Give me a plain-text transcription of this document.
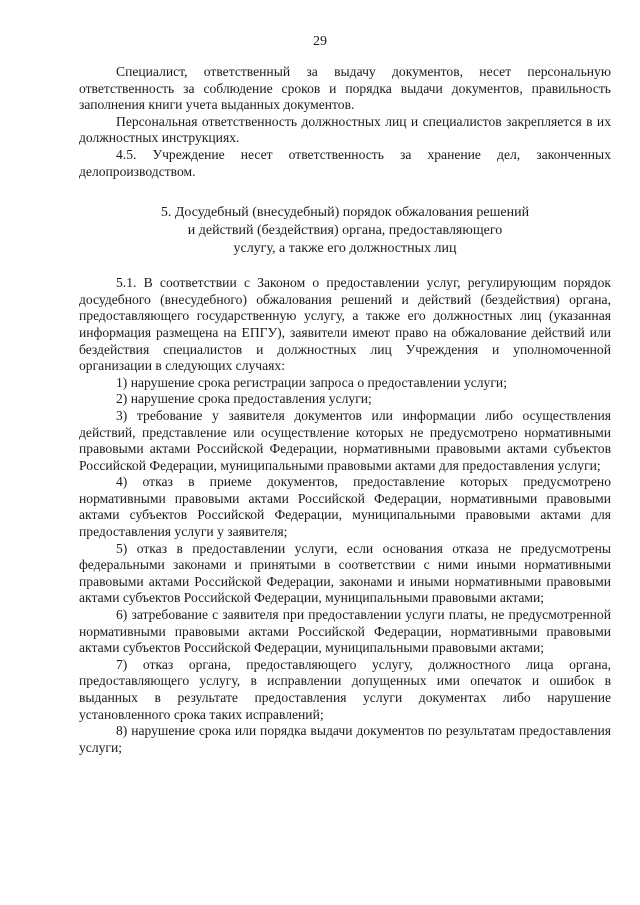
29

Специалист, ответственный за выдачу документов, несет персональную ответственность за соблюдение сроков и порядка выдачи документов, правильность заполнения книги учета выданных документов.

Персональная ответственность должностных лиц и специалистов закрепляется в их должностных инструкциях.

4.5. Учреждение несет ответственность за хранение дел, законченных делопроизводством.

5. Досудебный (внесудебный) порядок обжалования решений
и действий (бездействия) органа, предоставляющего
услугу, а также его должностных лиц

5.1. В соответствии с Законом о предоставлении услуг, регулирующим порядок досудебного (внесудебного) обжалования решений и действий (бездействия) органа, предоставляющего государственную услугу, а также его должностных лиц (указанная информация размещена на ЕПГУ), заявители имеют право на обжалование действий или бездействия специалистов и должностных лиц Учреждения и уполномоченной организации в следующих случаях:

1) нарушение срока регистрации запроса о предоставлении услуги;

2) нарушение срока предоставления услуги;

3) требование у заявителя документов или информации либо осуществления действий, представление или осуществление которых не предусмотрено нормативными правовыми актами Российской Федерации, нормативными правовыми актами субъектов Российской Федерации, муниципальными правовыми актами для предоставления услуги;

4) отказ в приеме документов, предоставление которых предусмотрено нормативными правовыми актами Российской Федерации, нормативными правовыми актами субъектов Российской Федерации, муниципальными правовыми актами для предоставления услуги у заявителя;

5) отказ в предоставлении услуги, если основания отказа не предусмотрены федеральными законами и принятыми в соответствии с ними иными нормативными правовыми актами Российской Федерации, законами и иными нормативными правовыми актами субъектов Российской Федерации, муниципальными правовыми актами;

6) затребование с заявителя при предоставлении услуги платы, не предусмотренной нормативными правовыми актами Российской Федерации, нормативными правовыми актами субъектов Российской Федерации, муниципальными правовыми актами;

7) отказ органа, предоставляющего услугу, должностного лица органа, предоставляющего услугу, в исправлении допущенных ими опечаток и ошибок в выданных в результате предоставления услуги документах либо нарушение установленного срока таких исправлений;

8) нарушение срока или порядка выдачи документов по результатам предоставления услуги;
